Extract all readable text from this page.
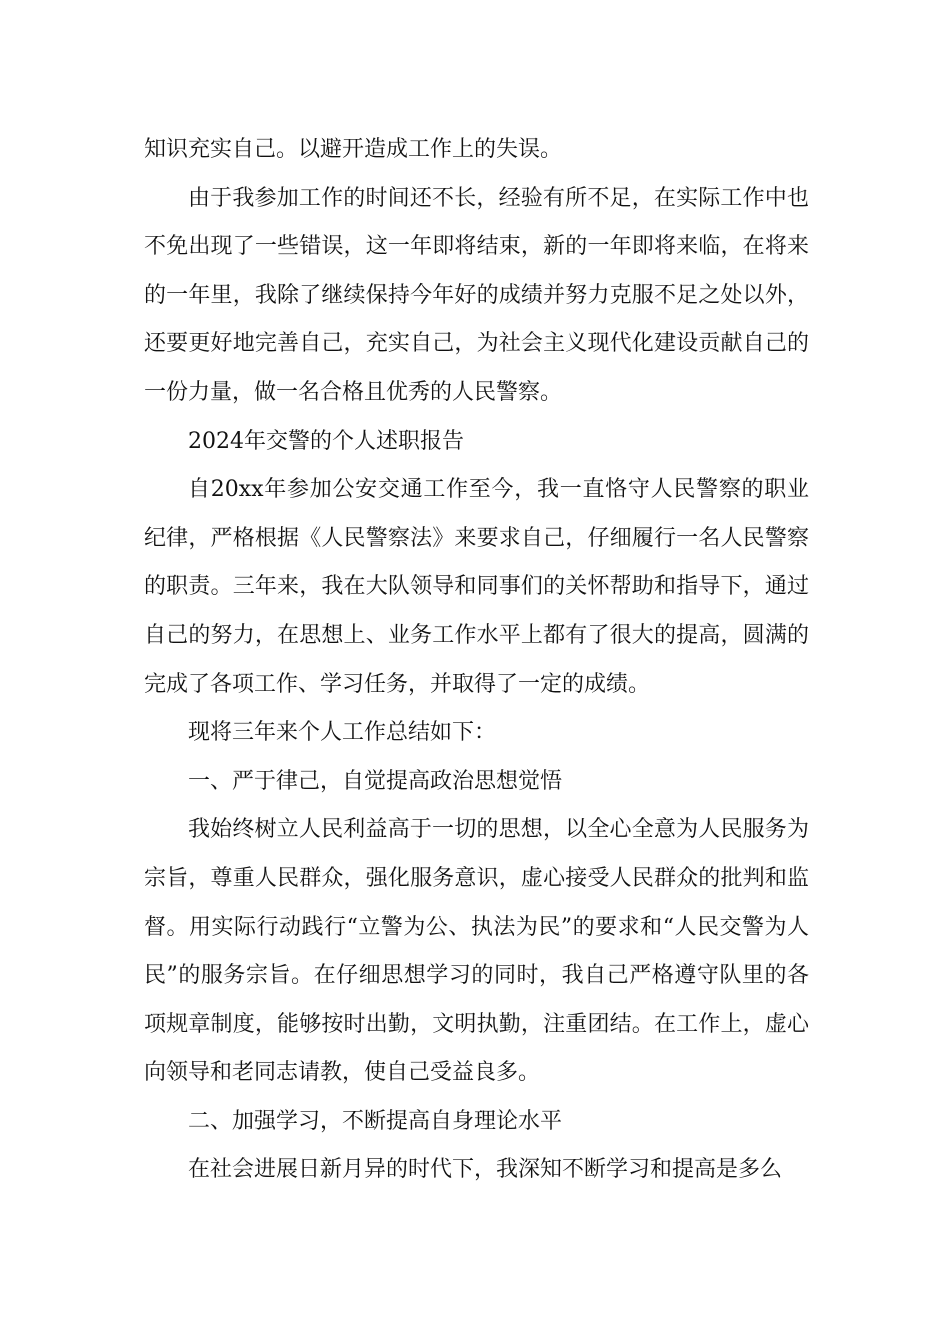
知识充实自己。以避开造成工作上的失误。

由于我参加工作的时间还不长，经验有所不足，在实际工作中也不免出现了一些错误，这一年即将结束，新的一年即将来临，在将来的一年里，我除了继续保持今年好的成绩并努力克服不足之处以外，还要更好地完善自己，充实自己，为社会主义现代化建设贡献自己的一份力量，做一名合格且优秀的人民警察。

2024年交警的个人述职报告

自20xx年参加公安交通工作至今，我一直恪守人民警察的职业纪律，严格根据《人民警察法》来要求自己，仔细履行一名人民警察的职责。三年来，我在大队领导和同事们的关怀帮助和指导下，通过自己的努力，在思想上、业务工作水平上都有了很大的提高，圆满的完成了各项工作、学习任务，并取得了一定的成绩。

现将三年来个人工作总结如下：

一、严于律己，自觉提高政治思想觉悟

我始终树立人民利益高于一切的思想，以全心全意为人民服务为宗旨，尊重人民群众，强化服务意识，虚心接受人民群众的批判和监督。用实际行动践行“立警为公、执法为民”的要求和“人民交警为人民”的服务宗旨。在仔细思想学习的同时，我自己严格遵守队里的各项规章制度，能够按时出勤，文明执勤，注重团结。在工作上，虚心向领导和老同志请教，使自己受益良多。

二、加强学习，不断提高自身理论水平

在社会进展日新月异的时代下，我深知不断学习和提高是多么
